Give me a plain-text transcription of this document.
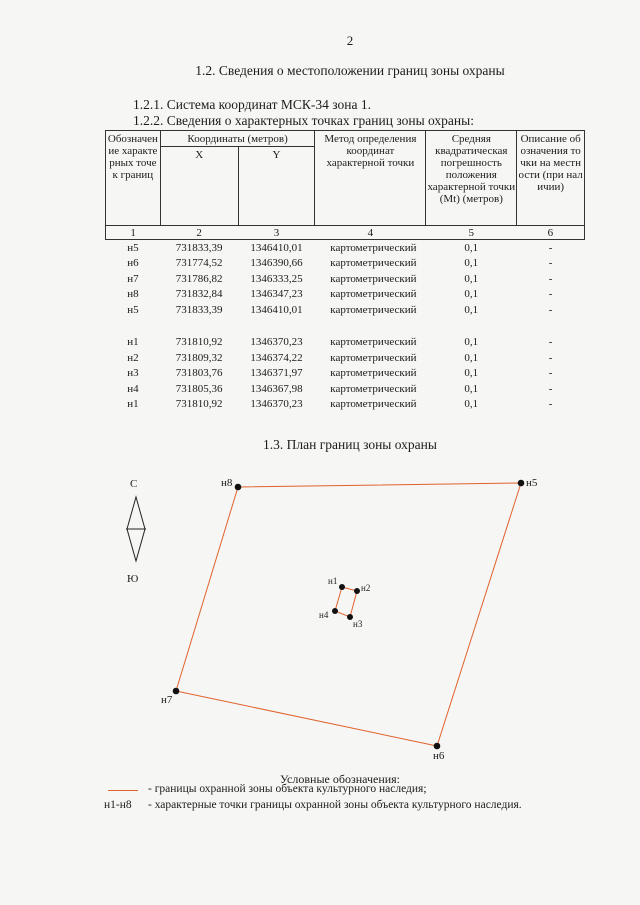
2
1.2. Сведения о местоположении границ зоны охраны
1.2.1. Система координат МСК-34 зона 1.
1.2.2. Сведения о характерных точках границ зоны охраны:
Обозначение характерных точек границ	Координаты (метров)		Метод определения координат характерной точки	Средняя квадратическая погрешность положения характерной точки (Mt) (метров)	Описание обозначения точки на местности (при наличии)
	X	Y			
1	2	3	4	5	6
н5	731833,39	1346410,01	картометрический	0,1	-
н6	731774,52	1346390,66	картометрический	0,1	-
н7	731786,82	1346333,25	картометрический	0,1	-
н8	731832,84	1346347,23	картометрический	0,1	-
н5	731833,39	1346410,01	картометрический	0,1	-

н1	731810,92	1346370,23	картометрический	0,1	-
н2	731809,32	1346374,22	картометрический	0,1	-
н3	731803,76	1346371,97	картометрический	0,1	-
н4	731805,36	1346367,98	картометрический	0,1	-
н1	731810,92	1346370,23	картометрический	0,1	-
1.3. План границ зоны охраны
С
Ю
н8	н5
н6
н7
н1
н2
н3
н4
Условные обозначения:
- границы охранной зоны объекта культурного наследия;
н1-н8 - характерные точки границы охранной зоны объекта культурного наследия.
